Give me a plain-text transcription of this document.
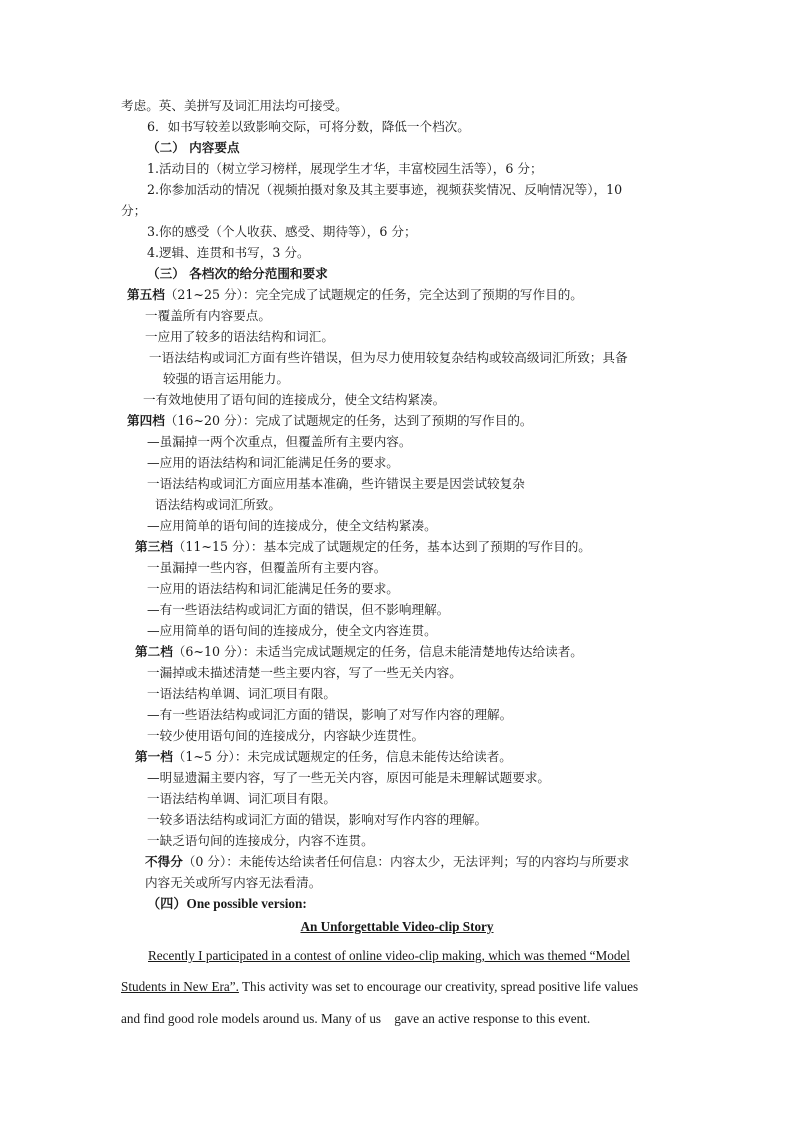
考虑。英、美拼写及词汇用法均可接受。
6．如书写较差以致影响交际，可将分数，降低一个档次。
（二） 内容要点
1.活动目的（树立学习榜样，展现学生才华，丰富校园生活等），6 分；
2.你参加活动的情况（视频拍摄对象及其主要事迹，视频获奖情况、反响情况等），10
分；
3.你的感受（个人收获、感受、期待等），6 分；
4.逻辑、连贯和书写，3 分。
（三） 各档次的给分范围和要求
第五档（21~25 分）：完全完成了试题规定的任务，完全达到了预期的写作目的。
一覆盖所有内容要点。
一应用了较多的语法结构和词汇。
一语法结构或词汇方面有些许错误，但为尽力使用较复杂结构或较高级词汇所致；具备
较强的语言运用能力。
一有效地使用了语句间的连接成分，使全文结构紧凑。
第四档（16~20 分）：完成了试题规定的任务，达到了预期的写作目的。
—虽漏掉一两个次重点，但覆盖所有主要内容。
—应用的语法结构和词汇能满足任务的要求。
一语法结构或词汇方面应用基本准确，些许错误主要是因尝试较复杂
语法结构或词汇所致。
—应用简单的语句间的连接成分，使全文结构紧凑。
第三档（11~15 分）：基本完成了试题规定的任务，基本达到了预期的写作目的。
一虽漏掉一些内容，但覆盖所有主要内容。
一应用的语法结构和词汇能满足任务的要求。
—有一些语法结构或词汇方面的错误，但不影响理解。
—应用简单的语句间的连接成分，使全文内容连贯。
第二档（6~10 分）：未适当完成试题规定的任务，信息未能清楚地传达给读者。
一漏掉或未描述清楚一些主要内容，写了一些无关内容。
一语法结构单调、词汇项目有限。
—有一些语法结构或词汇方面的错误，影响了对写作内容的理解。
一较少使用语句间的连接成分，内容缺少连贯性。
第一档（1~5 分）：未完成试题规定的任务，信息未能传达给读者。
—明显遗漏主要内容，写了一些无关内容，原因可能是未理解试题要求。
一语法结构单调、词汇项目有限。
一较多语法结构或词汇方面的错误，影响对写作内容的理解。
一缺乏语句间的连接成分，内容不连贯。
不得分（0 分）：未能传达给读者任何信息：内容太少，无法评判；写的内容均与所要求
内容无关或所写内容无法看清。
（四）One possible version:
An Unforgettable Video-clip Story
Recently I participated in a contest of online video-clip making, which was themed “Model
Students in New Era”. This activity was set to encourage our creativity, spread positive life values
and find good role models around us. Many of us    gave an active response to this event.
